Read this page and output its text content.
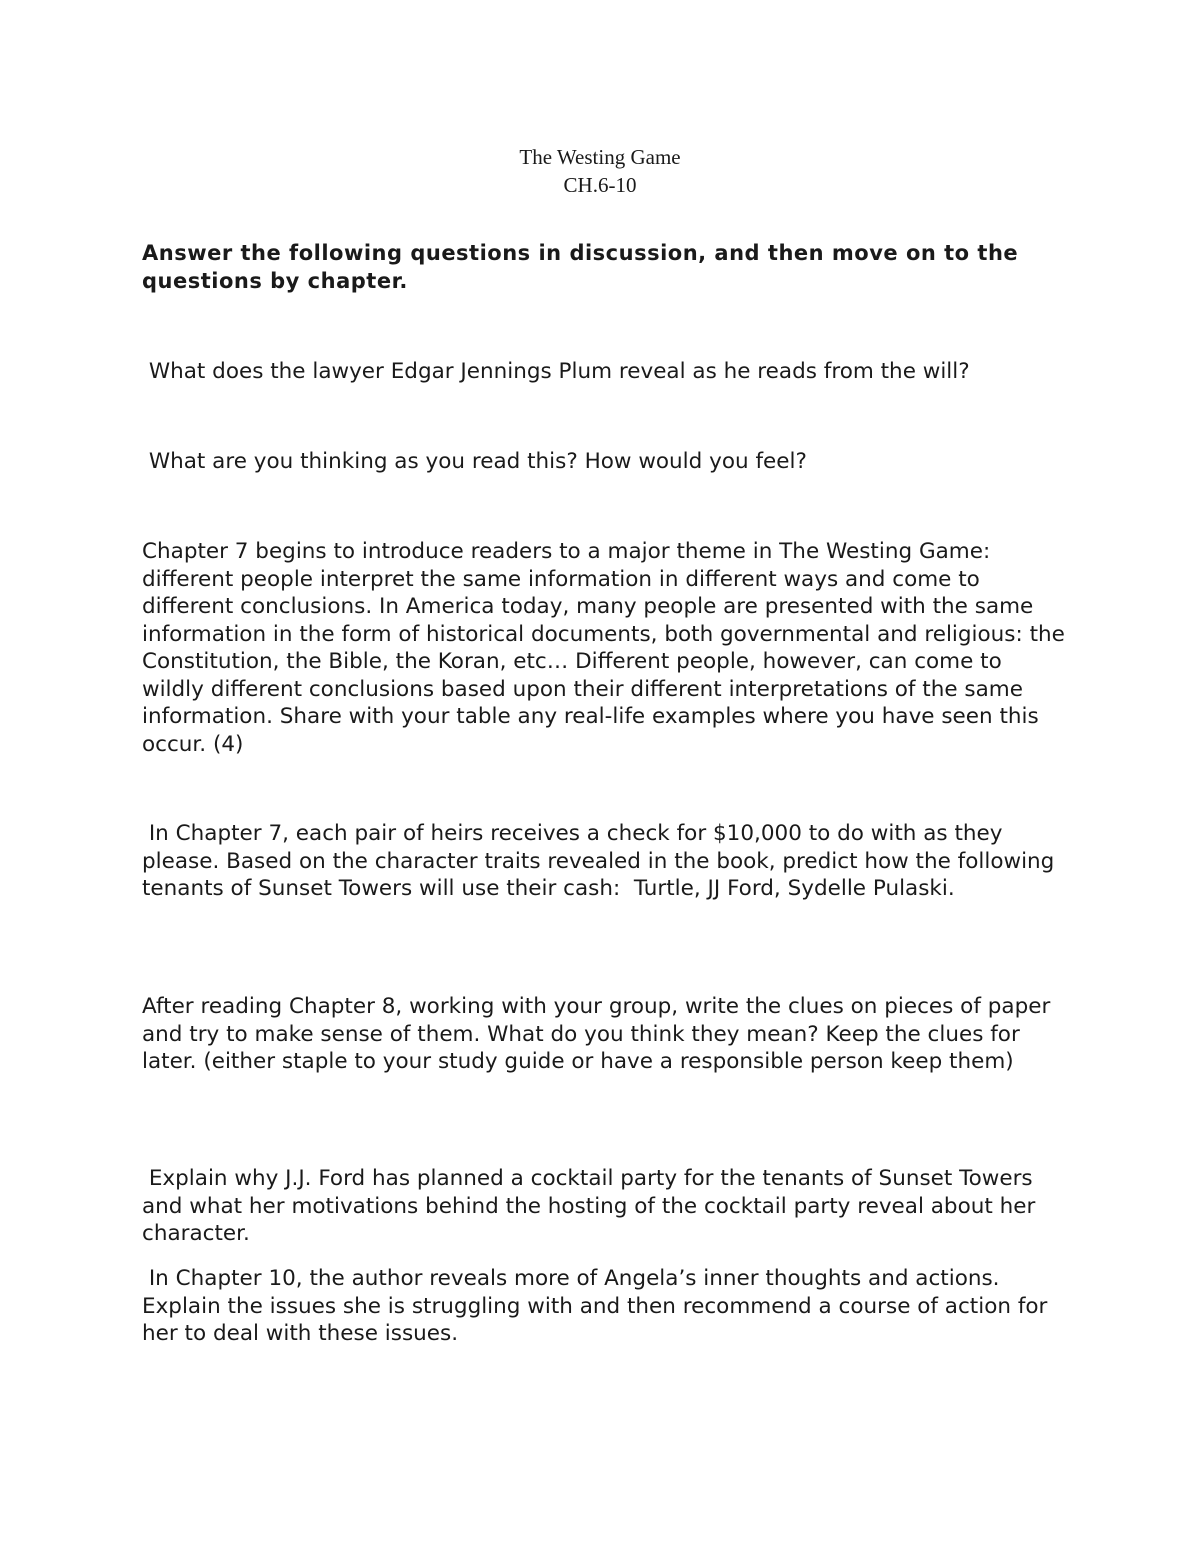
The Westing Game
CH.6-10

Answer the following questions in discussion, and then move on to the questions by chapter.

What does the lawyer Edgar Jennings Plum reveal as he reads from the will?

What are you thinking as you read this? How would you feel?

Chapter 7 begins to introduce readers to a major theme in The Westing Game: different people interpret the same information in different ways and come to different conclusions. In America today, many people are presented with the same information in the form of historical documents, both governmental and religious: the Constitution, the Bible, the Koran, etc… Different people, however, can come to wildly different conclusions based upon their different interpretations of the same information. Share with your table any real-life examples where you have seen this occur. (4)

In Chapter 7, each pair of heirs receives a check for $10,000 to do with as they please. Based on the character traits revealed in the book, predict how the following tenants of Sunset Towers will use their cash:  Turtle, JJ Ford, Sydelle Pulaski.

After reading Chapter 8, working with your group, write the clues on pieces of paper and try to make sense of them. What do you think they mean? Keep the clues for later. (either staple to your study guide or have a responsible person keep them)

Explain why J.J. Ford has planned a cocktail party for the tenants of Sunset Towers and what her motivations behind the hosting of the cocktail party reveal about her character.

In Chapter 10, the author reveals more of Angela’s inner thoughts and actions. Explain the issues she is struggling with and then recommend a course of action for her to deal with these issues.
